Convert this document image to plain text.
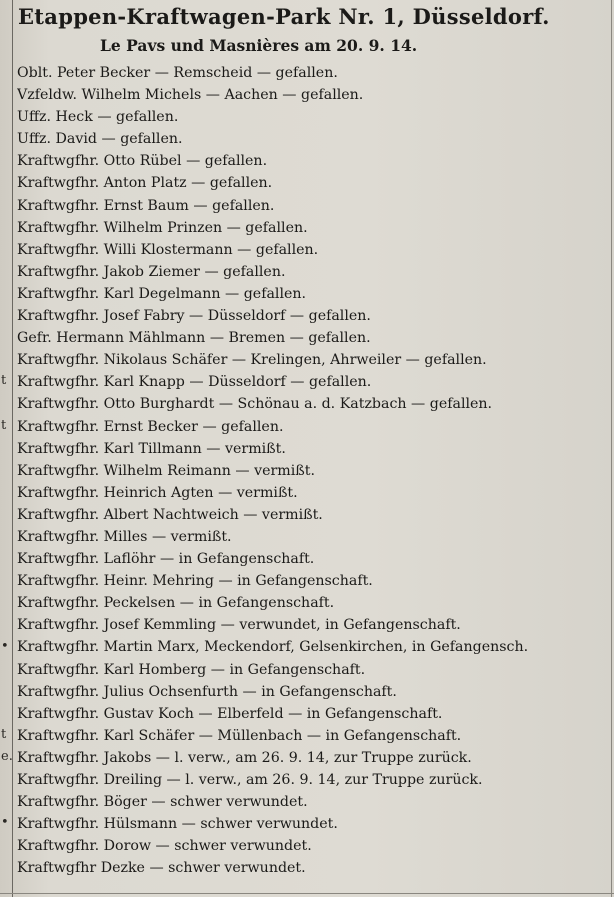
Etappen-Kraftwagen-Park Nr. 1, Düsseldorf.
Le Pavs und Masnières am 20. 9. 14.
t
t
•
t
e.
•
Oblt. Peter Becker — Remscheid — gefallen.
Vzfeldw. Wilhelm Michels — Aachen — gefallen.
Uffz. Heck — gefallen.
Uffz. David — gefallen.
Kraftwgfhr. Otto Rübel — gefallen.
Kraftwgfhr. Anton Platz — gefallen.
Kraftwgfhr. Ernst Baum — gefallen.
Kraftwgfhr. Wilhelm Prinzen — gefallen.
Kraftwgfhr. Willi Klostermann — gefallen.
Kraftwgfhr. Jakob Ziemer — gefallen.
Kraftwgfhr. Karl Degelmann — gefallen.
Kraftwgfhr. Josef Fabry — Düsseldorf — gefallen.
Gefr. Hermann Mählmann — Bremen — gefallen.
Kraftwgfhr. Nikolaus Schäfer — Krelingen, Ahrweiler — gefallen.
Kraftwgfhr. Karl Knapp — Düsseldorf — gefallen.
Kraftwgfhr. Otto Burghardt — Schönau a. d. Katzbach — gefallen.
Kraftwgfhr. Ernst Becker — gefallen.
Kraftwgfhr. Karl Tillmann — vermißt.
Kraftwgfhr. Wilhelm Reimann — vermißt.
Kraftwgfhr. Heinrich Agten — vermißt.
Kraftwgfhr. Albert Nachtweich — vermißt.
Kraftwgfhr. Milles — vermißt.
Kraftwgfhr. Laflöhr — in Gefangenschaft.
Kraftwgfhr. Heinr. Mehring — in Gefangenschaft.
Kraftwgfhr. Peckelsen — in Gefangenschaft.
Kraftwgfhr. Josef Kemmling — verwundet, in Gefangenschaft.
Kraftwgfhr. Martin Marx, Meckendorf, Gelsenkirchen, in Gefangensch.
Kraftwgfhr. Karl Homberg — in Gefangenschaft.
Kraftwgfhr. Julius Ochsenfurth — in Gefangenschaft.
Kraftwgfhr. Gustav Koch — Elberfeld — in Gefangenschaft.
Kraftwgfhr. Karl Schäfer — Müllenbach — in Gefangenschaft.
Kraftwgfhr. Jakobs — l. verw., am 26. 9. 14, zur Truppe zurück.
Kraftwgfhr. Dreiling — l. verw., am 26. 9. 14, zur Truppe zurück.
Kraftwgfhr. Böger — schwer verwundet.
Kraftwgfhr. Hülsmann — schwer verwundet.
Kraftwgfhr. Dorow — schwer verwundet.
Kraftwgfhr Dezke — schwer verwundet.
